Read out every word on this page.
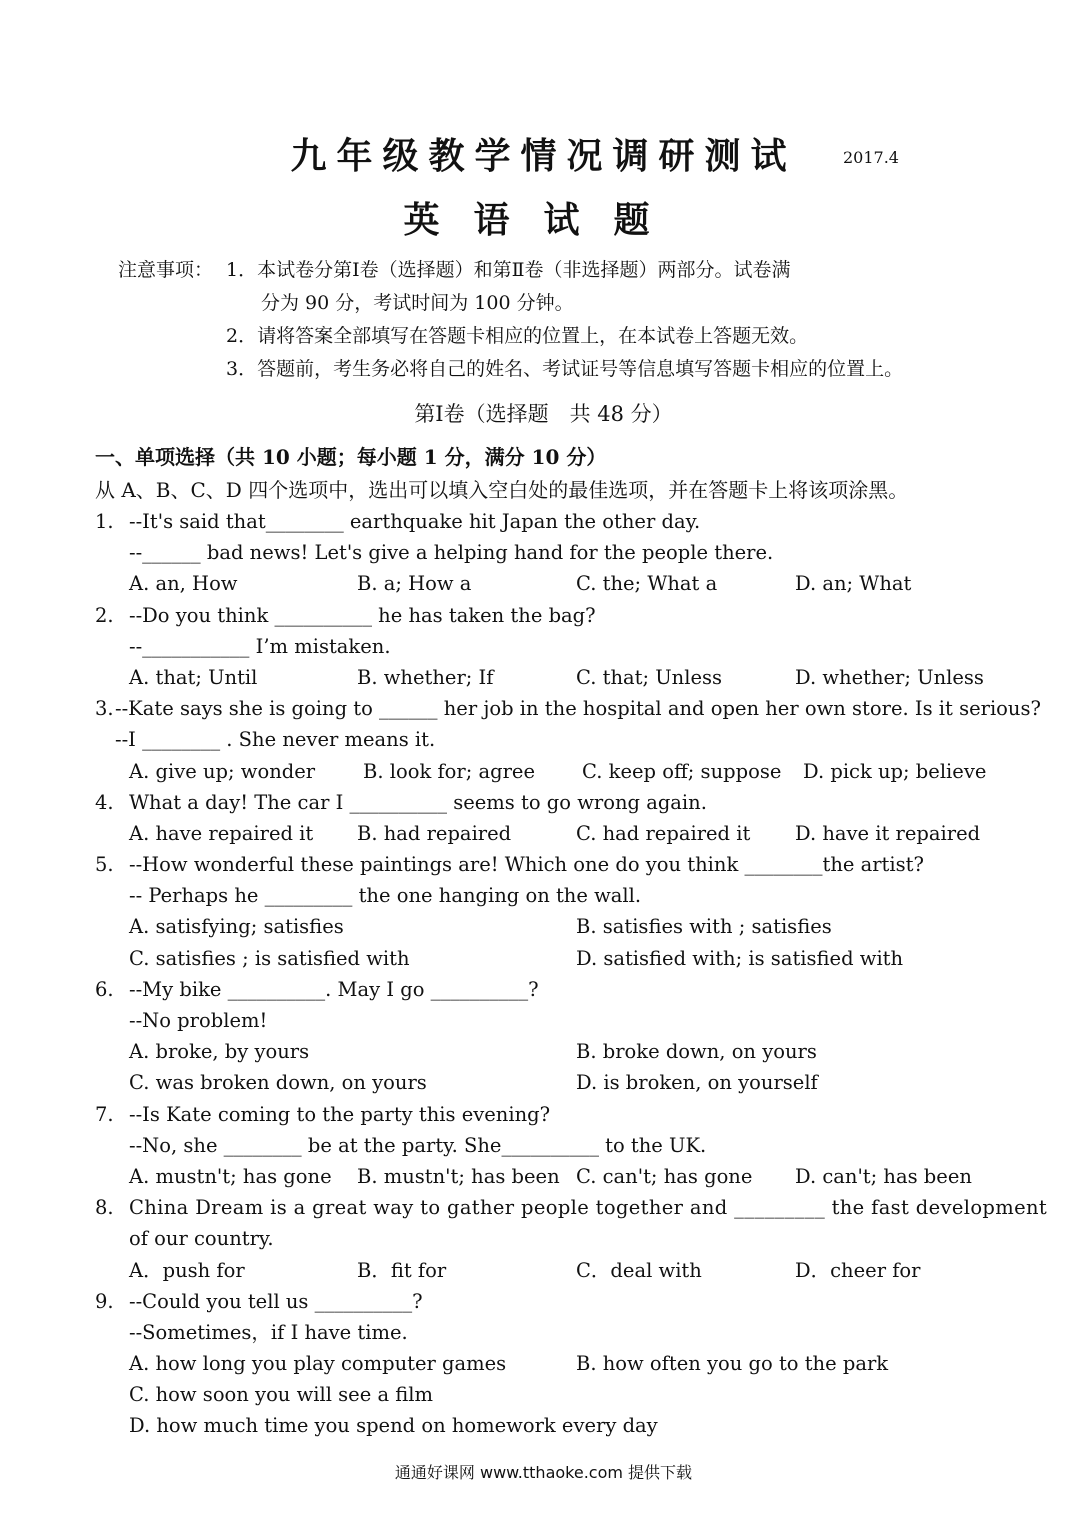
九年级教学情况调研测试	2017.4
英语试题
注意事项： 1．本试卷分第Ⅰ卷（选择题）和第Ⅱ卷（非选择题）两部分。试卷满
分为 90 分，考试时间为 100 分钟。
2．请将答案全部填写在答题卡相应的位置上，在本试卷上答题无效。
3．答题前，考生务必将自己的姓名、考试证号等信息填写答题卡相应的位置上。
第Ⅰ卷（选择题　共 48 分）
一、单项选择（共 10 小题；每小题 1 分，满分 10 分）
从 A、B、C、D 四个选项中，选出可以填入空白处的最佳选项，并在答题卡上将该项涂黑。
1. --It's said that________ earthquake hit Japan the other day.
--______ bad news! Let's give a helping hand for the people there.
A. an, How	B. a; How a	C. the; What a	D. an; What
2. --Do you think __________ he has taken the bag?
--___________ I’m mistaken.
A. that; Until	B. whether; If	C. that; Unless	D. whether; Unless
3. --Kate says she is going to ______ her job in the hospital and open her own store. Is it serious?
--I ________ . She never means it.
A. give up; wonder B. look for; agree C. keep off; suppose D. pick up; believe
4. What a day! The car I __________ seems to go wrong again.
A. have repaired it B. had repaired	C. had repaired it D. have it repaired
5. --How wonderful these paintings are! Which one do you think ________the artist?
-- Perhaps he _________ the one hanging on the wall.
A. satisfying; satisfies	B. satisfies with ; satisfies
C. satisfies ; is satisfied with	D. satisfied with; is satisfied with
6. --My bike __________. May I go __________?
--No problem!
A. broke, by yours	B. broke down, on yours
C. was broken down, on yours	D. is broken, on yourself
7. --Is Kate coming to the party this evening?
--No, she ________ be at the party. She__________ to the UK.
A. mustn't; has gone B. mustn't; has been C. can't; has gone D. can't; has been
8. China Dream is a great way to gather people together and _________ the fast development
of our country.
A．push for	B．fit for	C．deal with	D．cheer for
9. --Could you tell us __________?
--Sometimes，if I have time.
A. how long you play computer games	B. how often you go to the park
C. how soon you will see a film
D. how much time you spend on homework every day
通通好课网 www.tthaoke.com 提供下载
